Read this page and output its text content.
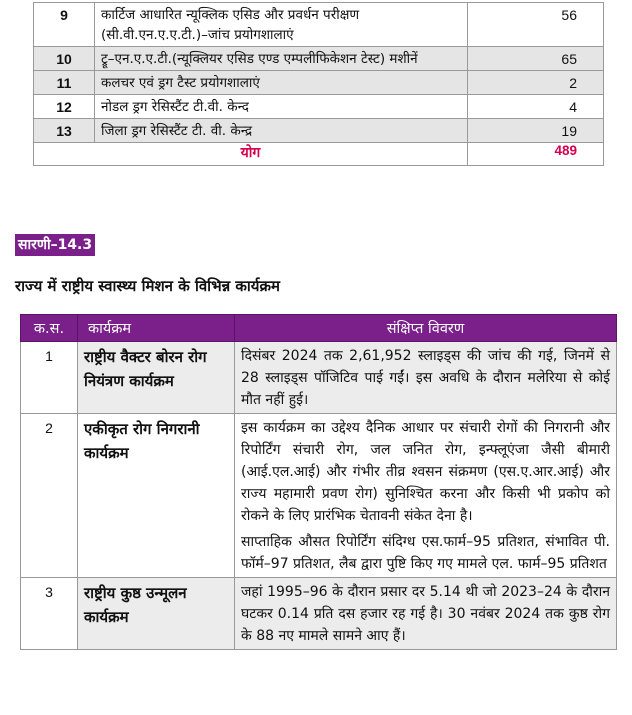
9	कार्टिज आधारित न्यूक्लिक एसिड और प्रवर्धन परीक्षण (सी.वी.एन.ए.ए.टी.)–जांच प्रयोगशालाएं	56
10	ट्रू–एन.ए.ए.टी.(न्यूक्लियर एसिड एण्ड एम्पलीफिकेशन टेस्ट) मशीनें	65
11	कलचर एवं ड्रग टैस्ट प्रयोगशालाएं	2
12	नोडल ड्रग रेसिस्टैंट टी.वी. केन्द	4
13	जिला ड्रग रेसिस्टैंट टी. वी. केन्द्र	19
योग		489
सारणी–14.3
राज्य में राष्ट्रीय स्वास्थ्य मिशन के विभिन्न कार्यक्रम
क.स.	कार्यक्रम	संक्षिप्त विवरण
1	राष्ट्रीय वैक्टर बोरन रोग नियंत्रण कार्यक्रम	दिसंबर 2024 तक 2,61,952 स्लाइड्स की जांच की गई, जिनमें से 28 स्लाइड्स पॉजिटिव पाई गईं। इस अवधि के दौरान मलेरिया से कोई मौत नहीं हुई।

2	एकीकृत रोग निगरानी कार्यक्रम	इस कार्यक्रम का उद्देश्य दैनिक आधार पर संचारी रोगों की निगरानी और रिपोर्टिंग संचारी रोग, जल जनित रोग, इन्फ्लूएंजा जैसी बीमारी (आई.एल.आई) और गंभीर तीव्र श्वसन संक्रमण (एस.ए.आर.आई) और राज्य महामारी प्रवण रोग) सुनिश्चित करना और किसी भी प्रकोप को रोकने के लिए प्रारंभिक चेतावनी संकेत देना है।

साप्ताहिक औसत रिपोर्टिंग संदिग्ध एस.फार्म–95 प्रतिशत, संभावित पी. फॉर्म–97 प्रतिशत, लैब द्वारा पुष्टि किए गए मामले एल. फार्म–95 प्रतिशत

3	राष्ट्रीय कुष्ठ उन्मूलन कार्यक्रम	जहां 1995–96 के दौरान प्रसार दर 5.14 थी जो 2023–24 के दौरान घटकर 0.14 प्रति दस हजार रह गई है। 30 नवंबर 2024 तक कुष्ठ रोग के 88 नए मामले सामने आए हैं।
